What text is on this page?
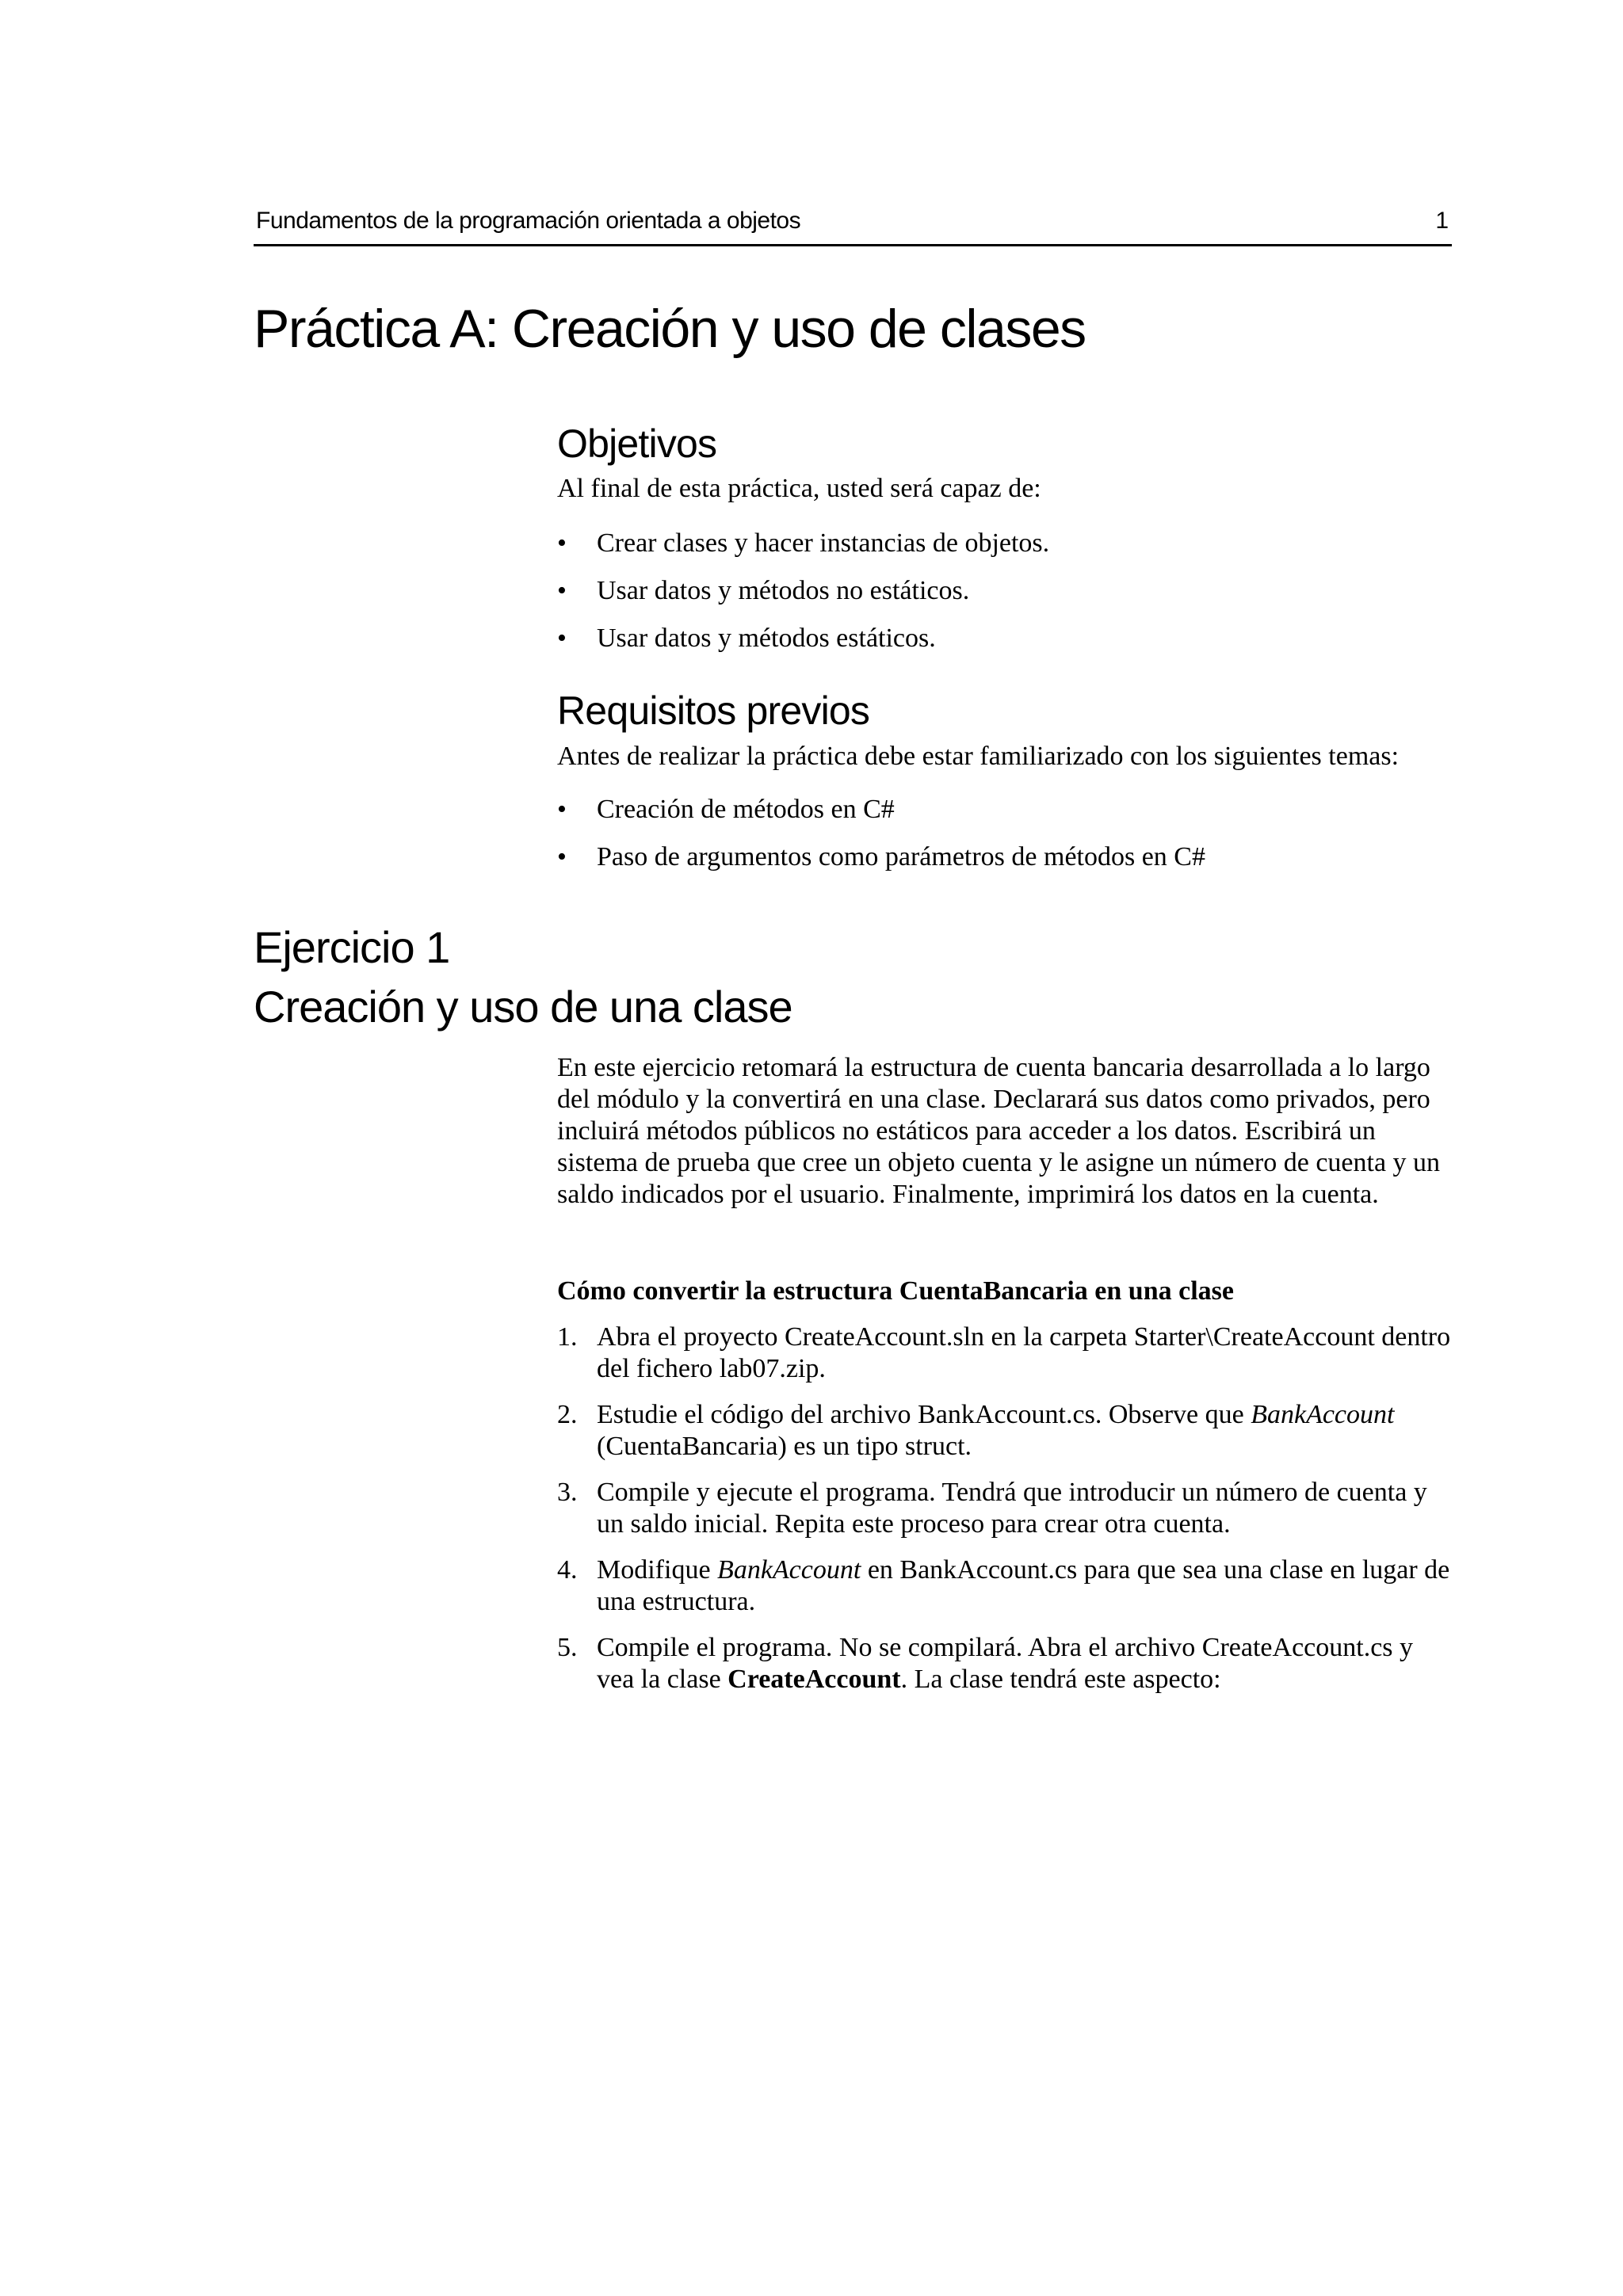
Fundamentos de la programación orientada a objetos	1
Práctica A: Creación y uso de clases
Objetivos

Al final de esta práctica, usted será capaz de:

• Crear clases y hacer instancias de objetos.
• Usar datos y métodos no estáticos.
• Usar datos y métodos estáticos.
Requisitos previos

Antes de realizar la práctica debe estar familiarizado con los siguientes temas:

• Creación de métodos en C#
• Paso de argumentos como parámetros de métodos en C#
Ejercicio 1
Creación y uso de una clase

En este ejercicio retomará la estructura de cuenta bancaria desarrollada a lo largo del módulo y la convertirá en una clase. Declarará sus datos como privados, pero incluirá métodos públicos no estáticos para acceder a los datos. Escribirá un sistema de prueba que cree un objeto cuenta y le asigne un número de cuenta y un saldo indicados por el usuario. Finalmente, imprimirá los datos en la cuenta.

Cómo convertir la estructura CuentaBancaria en una clase

1. Abra el proyecto CreateAccount.sln en la carpeta Starter\CreateAccount dentro del fichero lab07.zip.
2. Estudie el código del archivo BankAccount.cs. Observe que BankAccount (CuentaBancaria) es un tipo struct.
3. Compile y ejecute el programa. Tendrá que introducir un número de cuenta y un saldo inicial. Repita este proceso para crear otra cuenta.
4. Modifique BankAccount en BankAccount.cs para que sea una clase en lugar de una estructura.
5. Compile el programa. No se compilará. Abra el archivo CreateAccount.cs y vea la clase CreateAccount. La clase tendrá este aspecto:
